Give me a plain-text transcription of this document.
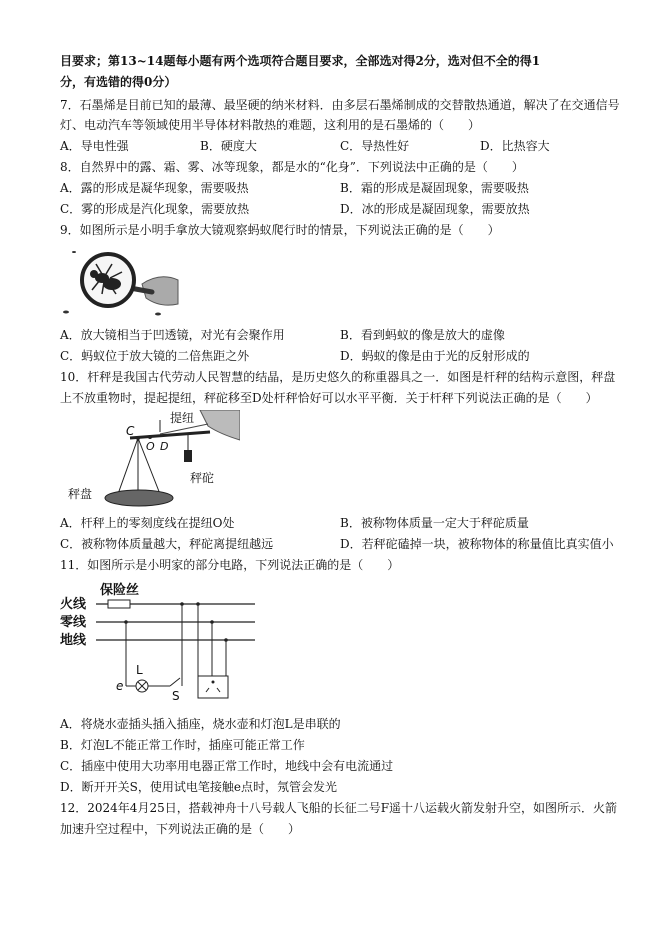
目要求；第13~14题每小题有两个选项符合题目要求，全部选对得2分，选对但不全的得1
分，有选错的得0分）
7．石墨烯是目前已知的最薄、最坚硬的纳米材料．由多层石墨烯制成的交替散热通道，解决了在交通信号
灯、电动汽车等领域使用半导体材料散热的难题，这利用的是石墨烯的（　　）
A．导电性强	B．硬度大	C．导热性好	D．比热容大
8．自然界中的露、霜、雾、冰等现象，都是水的“化身”．下列说法中正确的是（　　）
A．露的形成是凝华现象，需要吸热	B．霜的形成是凝固现象，需要吸热
C．雾的形成是汽化现象，需要放热	D．冰的形成是凝固现象，需要放热
9．如图所示是小明手拿放大镜观察蚂蚁爬行时的情景，下列说法正确的是（　　）
A．放大镜相当于凹透镜，对光有会聚作用	B．看到蚂蚁的像是放大的虚像
C．蚂蚁位于放大镜的二倍焦距之外	D．蚂蚁的像是由于光的反射形成的
10．杆秤是我国古代劳动人民智慧的结晶，是历史悠久的称重器具之一．如图是杆秤的结构示意图，秤盘
上不放重物时，提起提纽，秤砣移至D处杆秤恰好可以水平平衡．关于杆秤下列说法正确的是（　　）
提纽
C
O D
秤砣
秤盘
A．杆秤上的零刻度线在提纽O处	B．被称物体质量一定大于秤砣质量
C．被称物体质量越大，秤砣离提纽越远	D．若秤砣磕掉一块，被称物体的称量值比真实值小
11．如图所示是小明家的部分电路，下列说法正确的是（　　）
火线
零线
地线
保险丝
L
e
S
A．将烧水壶插头插入插座，烧水壶和灯泡L是串联的
B．灯泡L不能正常工作时，插座可能正常工作
C．插座中使用大功率用电器正常工作时，地线中会有电流通过
D．断开开关S，使用试电笔接触e点时，氖管会发光
12．2024年4月25日，搭载神舟十八号载人飞船的长征二号F遥十八运载火箭发射升空，如图所示．火箭
加速升空过程中，下列说法正确的是（　　）
